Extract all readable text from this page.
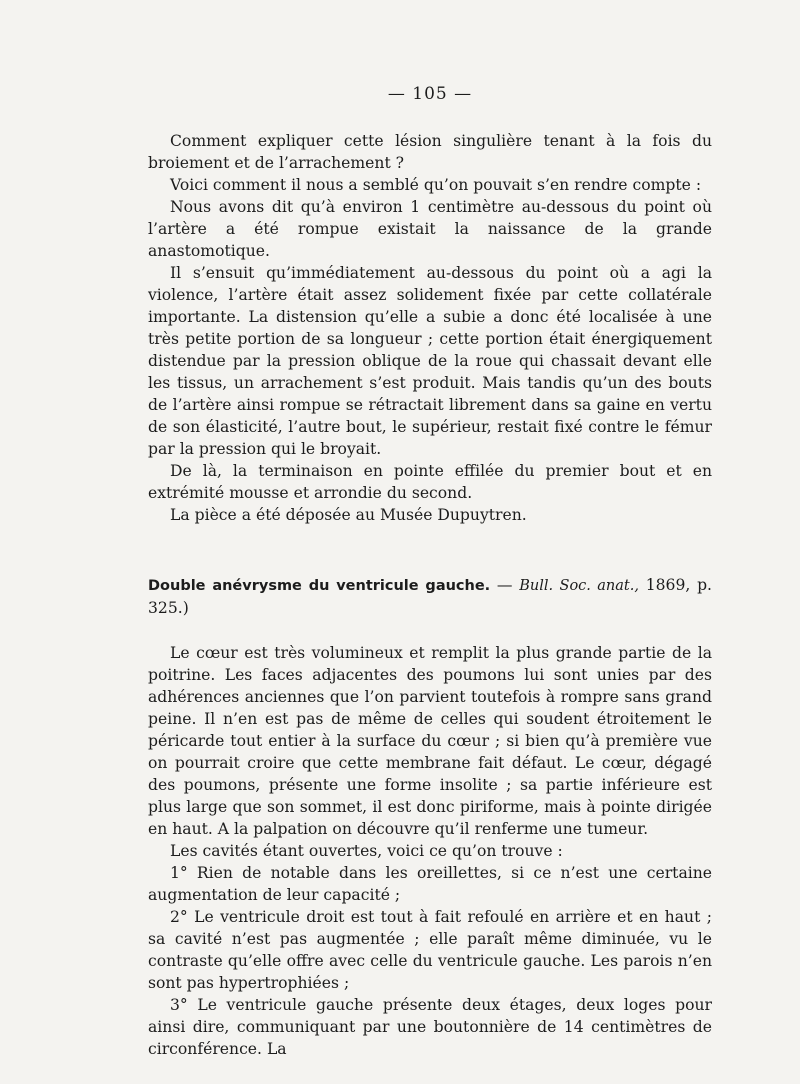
— 105 —

Comment expliquer cette lésion singulière tenant à la fois du broiement et de l’arrachement ?

Voici comment il nous a semblé qu’on pouvait s’en rendre compte :

Nous avons dit qu’à environ 1 centimètre au-dessous du point où l’artère a été rompue existait la naissance de la grande anastomotique.

Il s’ensuit qu’immédiatement au-dessous du point où a agi la violence, l’artère était assez solidement fixée par cette collatérale importante. La distension qu’elle a subie a donc été localisée à une très petite portion de sa longueur ; cette portion était énergiquement distendue par la pression oblique de la roue qui chassait devant elle les tissus, un arrachement s’est produit. Mais tandis qu’un des bouts de l’artère ainsi rompue se rétractait librement dans sa gaine en vertu de son élasticité, l’autre bout, le supérieur, restait fixé contre le fémur par la pression qui le broyait.

De là, la terminaison en pointe effilée du premier bout et en extrémité mousse et arrondie du second.

La pièce a été déposée au Musée Dupuytren.

Double anévrysme du ventricule gauche. — Bull. Soc. anat., 1869, p. 325.)

Le cœur est très volumineux et remplit la plus grande partie de la poitrine. Les faces adjacentes des poumons lui sont unies par des adhérences anciennes que l’on parvient toutefois à rompre sans grand peine. Il n’en est pas de même de celles qui soudent étroitement le péricarde tout entier à la surface du cœur ; si bien qu’à première vue on pourrait croire que cette membrane fait défaut. Le cœur, dégagé des poumons, présente une forme insolite ; sa partie inférieure est plus large que son sommet, il est donc piriforme, mais à pointe dirigée en haut. A la palpation on découvre qu’il renferme une tumeur.

Les cavités étant ouvertes, voici ce qu’on trouve :

1° Rien de notable dans les oreillettes, si ce n’est une certaine augmentation de leur capacité ;

2° Le ventricule droit est tout à fait refoulé en arrière et en haut ; sa cavité n’est pas augmentée ; elle paraît même diminuée, vu le contraste qu’elle offre avec celle du ventricule gauche. Les parois n’en sont pas hypertrophiées ;

3° Le ventricule gauche présente deux étages, deux loges pour ainsi dire, communiquant par une boutonnière de 14 centimètres de circonférence. La
